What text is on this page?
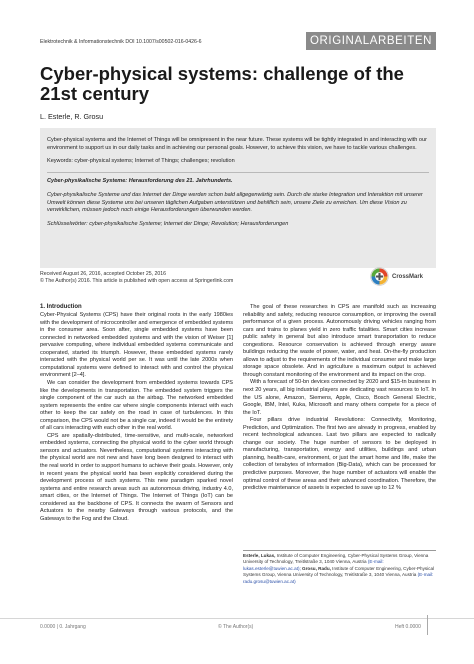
Elektrotechnik & Informationstechnik DOI 10.1007/s00502-016-0426-6	ORIGINALARBEITEN
Cyber-physical systems: challenge of the 21st century
L. Esterle, R. Grosu

Cyber-physical systems and the Internet of Things will be omnipresent in the near future. These systems will be tightly integrated in and interacting with our environment to support us in our daily tasks and in achieving our personal goals. However, to achieve this vision, we have to tackle various challenges.

Keywords: cyber-physical systems; Internet of Things; challenges; revolution

Cyber-physikalische Systeme: Herausforderung des 21. Jahrhunderts.

Cyber-physikalische Systeme und das Internet der Dinge werden schon bald allgegenwärtig sein. Durch die starke Integration und Interaktion mit unserer Umwelt können diese Systeme uns bei unseren täglichen Aufgaben unterstützen und behilflich sein, unsere Ziele zu erreichen. Um diese Vision zu verwirklichen, müssen jedoch noch einige Herausforderungen überwunden werden.

Schlüsselwörter: cyber-physikalische Systeme; Internet der Dinge; Revolution; Herausforderungen

Received August 26, 2016, accepted October 25, 2016
© The Author(s) 2016. This article is published with open access at Springerlink.com
CrossMark
1. Introduction

Cyber-Physical Systems (CPS) have their original roots in the early 1980ies with the development of microcontroller and emergence of embedded systems in the consumer area. Soon after, single embedded systems have been connected in networked embedded systems and with the vision of Weiser [1] pervasive computing, where individual embedded systems communicate and cooperated, started its triumph. However, these embedded systems rarely interacted with the physical world per se. It was until the late 2000s when computational systems were defined to interact with and control the physical environment [2–4].

We can consider the development from embedded systems towards CPS like the developments in transportation. The embedded system triggers the single component of the car such as the airbag. The networked embedded system represents the entire car where single components interact with each other to keep the car safely on the road in case of turbulences. In this comparison, the CPS would not be a single car, indeed it would be the entirety of all cars interacting with each other in the real world.

CPS are spatially-distributed, time-sensitive, and multi-scale, networked embedded systems, connecting the physical world to the cyber world through sensors and actuators. Nevertheless, computational systems interacting with the physical world are not new and have long been designed to interact with the real world in order to support humans to achieve their goals. However, only in recent years the physical world has been explicitly considered during the development process of such systems. This new paradigm sparked novel systems and entire research areas such as autonomous driving, industry 4.0, smart cities, or the Internet of Things. The Internet of Things (IoT) can be considered as the backbone of CPS. It connects the swarm of Sensors and Actuators to the nearby Gateways through various protocols, and the Gateways to the Fog and the Cloud.

The goal of these researches in CPS are manifold such as increasing reliability and safety, reducing resource consumption, or improving the overall performance of a given process. Autonomously driving vehicles ranging from cars and trains to planes yield in zero traffic fatalities. Smart cities increase public safety in general but also introduce smart transportation to reduce congestions. Resource conservation is achieved through energy aware buildings reducing the waste of power, water, and heat. On-the-fly production allows to adjust to the requirements of the individual consumer and make large storage space obsolete. And in agriculture a maximum output is achieved through constant monitoring of the environment and its impact on the crop.

With a forecast of 50-bn devices connected by 2020 and $15-tn business in next 20 years, all big industrial players are dedicating vast resources to IoT. In the US alone, Amazon, Siemens, Apple, Cisco, Bosch General Electric, Google, IBM, Intel, Kuka, Microsoft and many others compete for a piece of the IoT.

Four pillars drive industrial Revolutions: Connectivity, Monitoring, Prediction, and Optimization. The first two are already in progress, enabled by recent technological advances. Last two pillars are expected to radically change our society. The huge number of sensors to be deployed in manufacturing, transportation, energy and utilities, buildings and urban planning, health-care, environment, or just the smart home and life, make the collection of terabytes of information (Big-Data), which can be processed for predictive purposes. Moreover, the huge number of actuators will enable the optimal control of these areas and their advanced coordination. Therefore, the predictive maintenance of assets is expected to save up to 12 %

Esterle, Lukas, Institute of Computer Engineering, Cyber-Physical Systems Group, Vienna University of Technology, Treitlstraße 3, 1040 Vienna, Austria (E-mail: lukas.esterle@tuwien.ac.at); Grosu, Radu, Institute of Computer Engineering, Cyber-Physical Systems Group, Vienna University of Technology, Treitlstraße 3, 1040 Vienna, Austria (E-mail: radu.grosu@tuwien.ac.at)
0.0000 | 0. Jahrgang	© The Author(s)	Heft 0.0000
